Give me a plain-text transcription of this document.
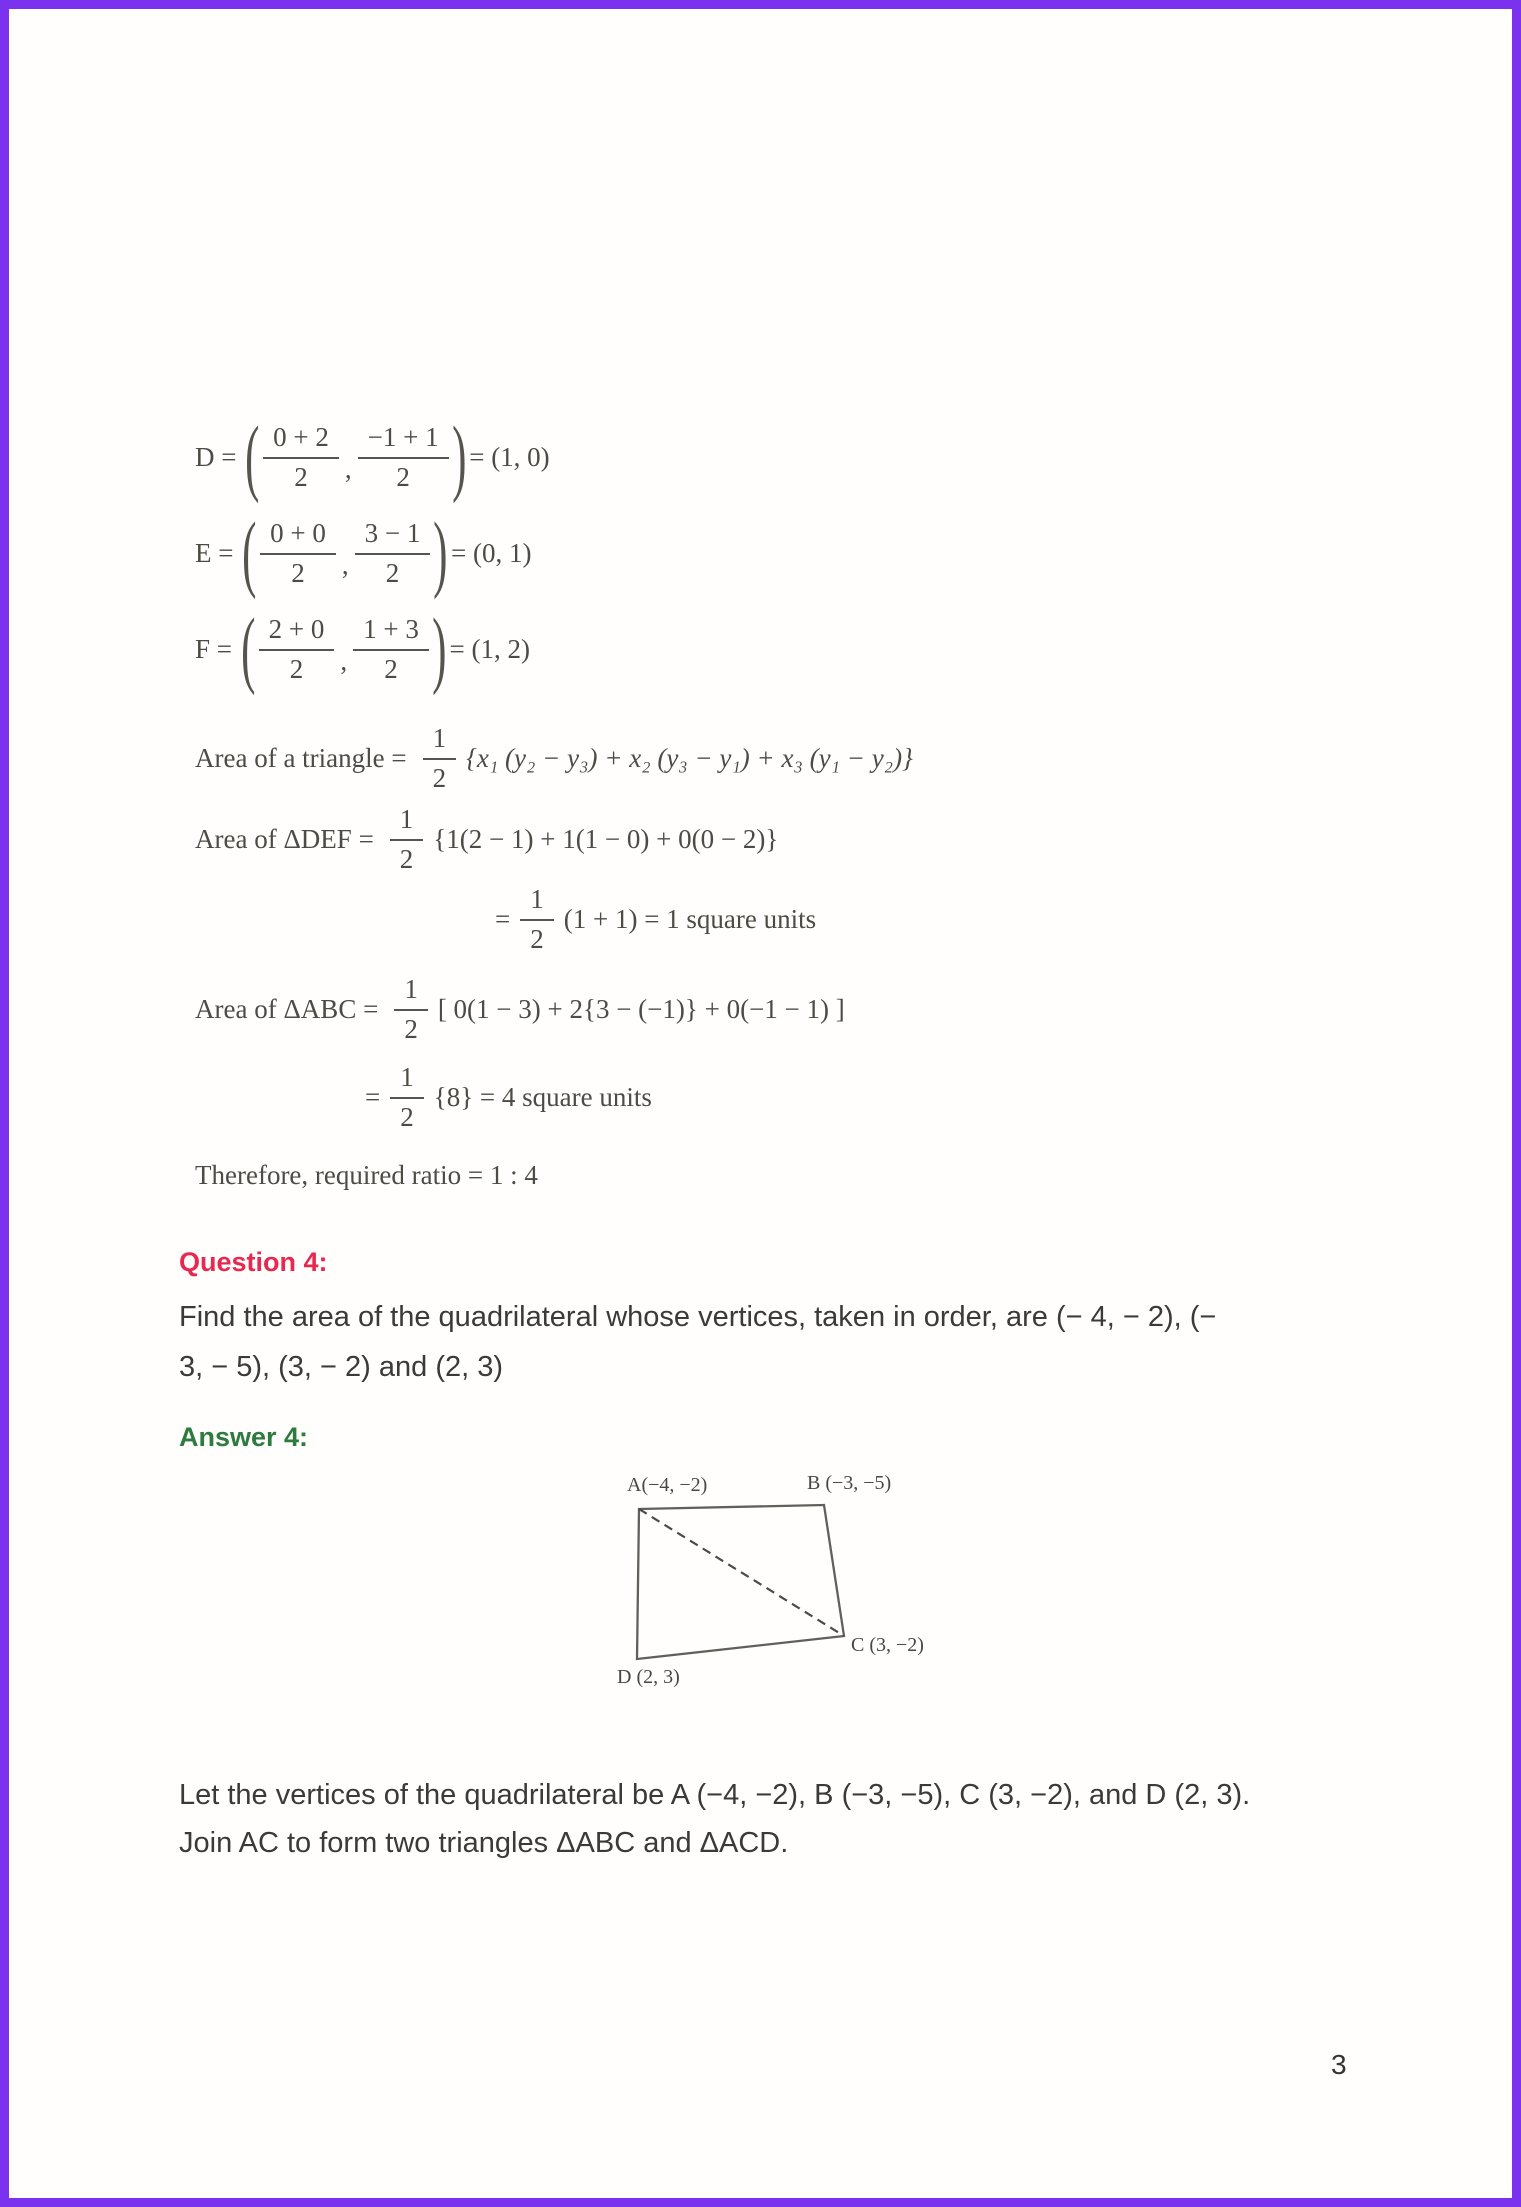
D = ( $\frac{0 + 2}{2}$ , $\frac{-1 + 1}{2}$ ) = (1, 0)
E = ( $\frac{0 + 0}{2}$ , $\frac{3 - 1}{2}$ ) = (0, 1)
F = ( $\frac{2 + 0}{2}$ , $\frac{1 + 3}{2}$ ) = (1, 2)
Area of a triangle = $\frac{1}{2} \{x_1$ (y₂ − y₃) + x₂ (y₃ − y₁) + x₃ (y₁ − y₂)}
Area of $\Delta DEF = \frac{1}{2} \{1(2 - 1) + 1(1 - 0) + 0(0 - 2)\}$
= $\frac{1}{2} (1 + 1) = 1$ square units
Area of $\Delta ABC = \frac{1}{2}$ [ 0(1 − 3) + 2{3 − (−1)} + 0(−1 − 1) ]
= $\frac{1}{2} \{8\} = 4$ square units
Therefore, required ratio = 1 : 4
Question 4:
Find the area of the quadrilateral whose vertices, taken in order, are (− 4, − 2), (−
3, − 5), (3, − 2) and (2, 3)
Answer 4:
A(−4, −2)	B (−3, −5)
C (3, −2)
D (2, 3)
Let the vertices of the quadrilateral be A (−4, −2), B (−3, −5), C (3, −2), and D (2, 3).
Join AC to form two triangles ΔABC and ΔACD.
3
